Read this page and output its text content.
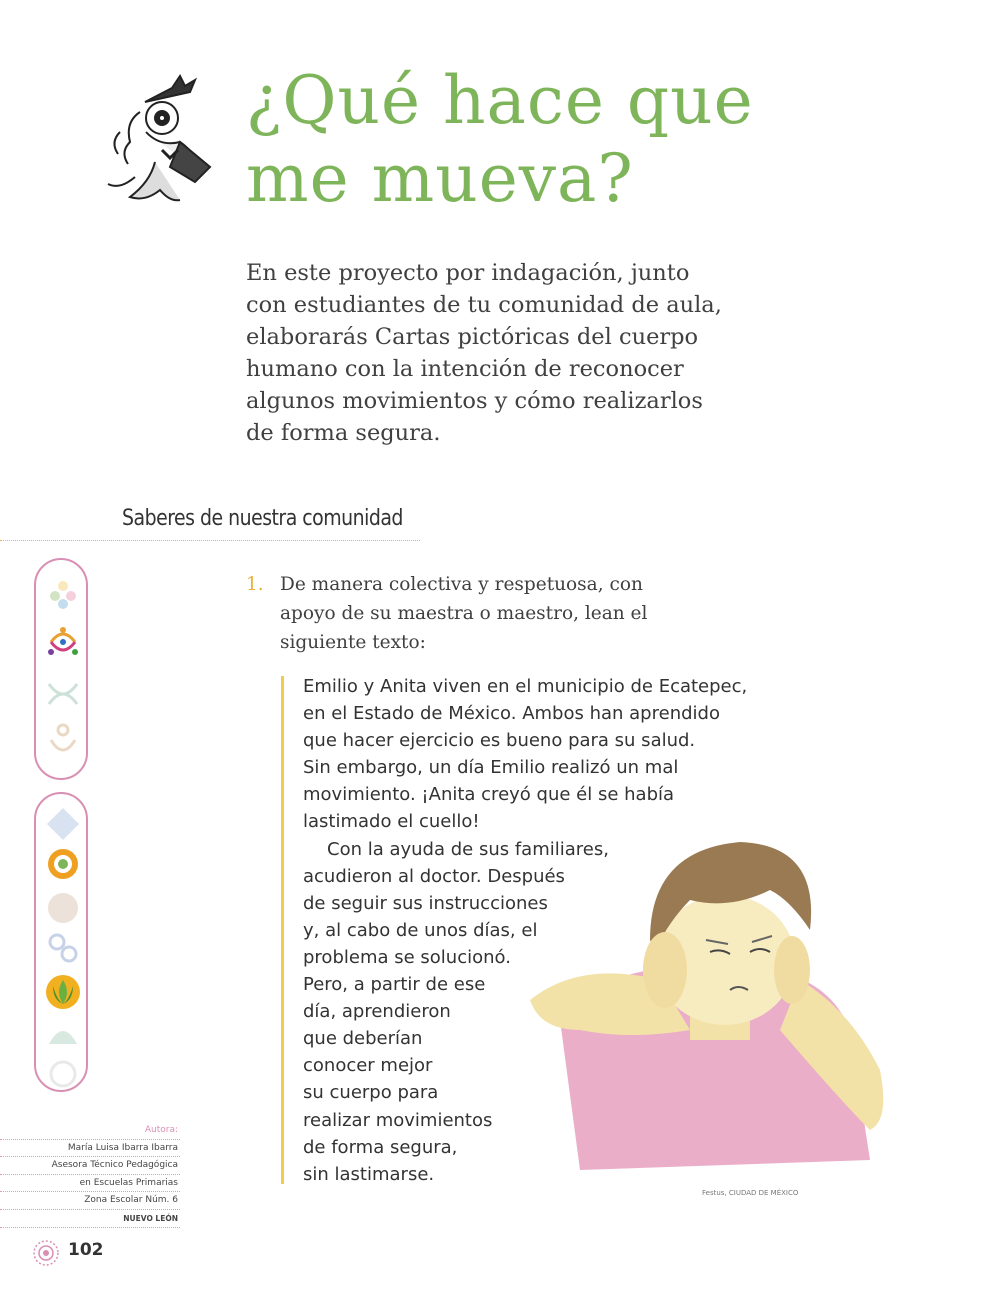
¿Qué hace que
me mueva?
En este proyecto por indagación, junto
con estudiantes de tu comunidad de aula,
elaborarás Cartas pictóricas del cuerpo
humano con la intención de reconocer
algunos movimientos y cómo realizarlos
de forma segura.
Saberes de nuestra comunidad
1. De manera colectiva y respetuosa, con
apoyo de su maestra o maestro, lean el
siguiente texto:
Festus, CIUDAD DE MÉXICO
Emilio y Anita viven en el municipio de Ecatepec,
en el Estado de México. Ambos han aprendido
que hacer ejercicio es bueno para su salud.
Sin embargo, un día Emilio realizó un mal
movimiento. ¡Anita creyó que él se había
lastimado el cuello!
Con la ayuda de sus familiares,
acudieron al doctor. Después
de seguir sus instrucciones
y, al cabo de unos días, el
problema se solucionó.
Pero, a partir de ese
día, aprendieron
que deberían
conocer mejor
su cuerpo para
realizar movimientos
de forma segura,
sin lastimarse.
Autora:
María Luisa Ibarra Ibarra
Asesora Técnico Pedagógica
en Escuelas Primarias
Zona Escolar Núm. 6
NUEVO LEÓN
102
